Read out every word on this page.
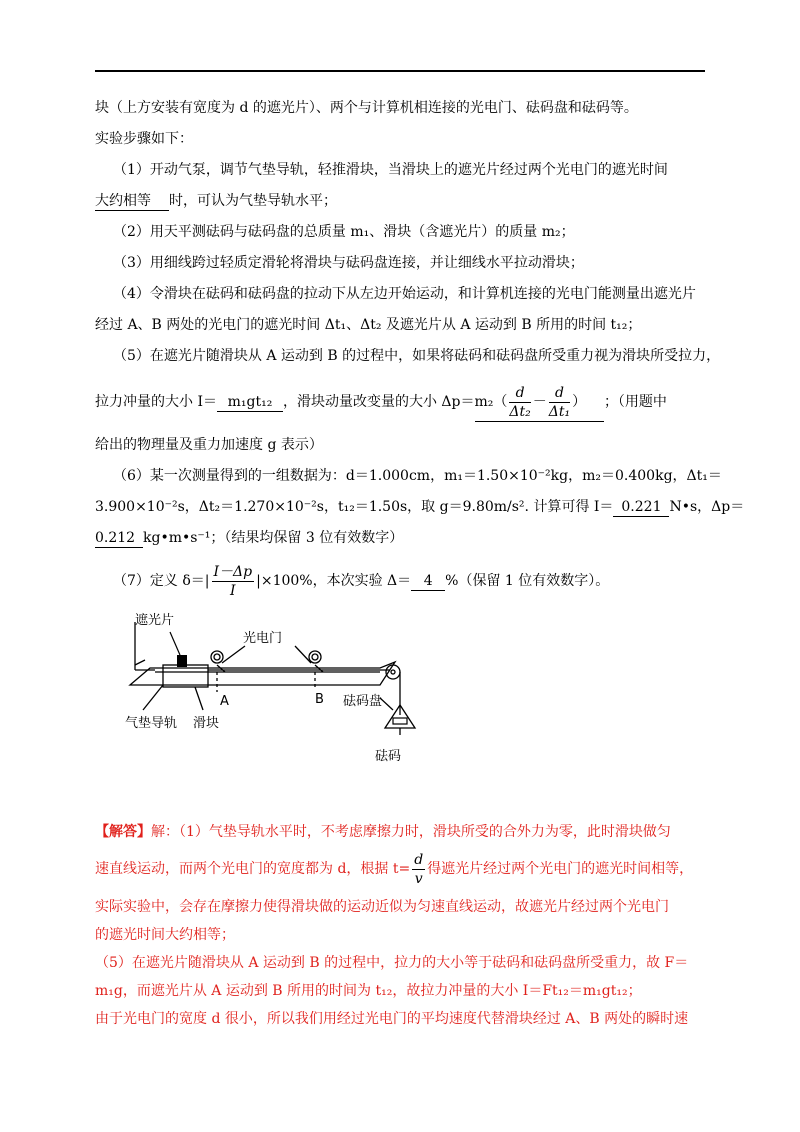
块（上方安装有宽度为 d 的遮光片）、两个与计算机相连接的光电门、砝码盘和砝码等。
实验步骤如下：
（1）开动气泵，调节气垫导轨，轻推滑块，当滑块上的遮光片经过两个光电门的遮光时间
大约相等 时，可认为气垫导轨水平；
（2）用天平测砝码与砝码盘的总质量 m₁、滑块（含遮光片）的质量 m₂；
（3）用细线跨过轻质定滑轮将滑块与砝码盘连接，并让细线水平拉动滑块；
（4）令滑块在砝码和砝码盘的拉动下从左边开始运动，和计算机连接的光电门能测量出遮光片
经过 A、B 两处的光电门的遮光时间 Δt₁、Δt₂ 及遮光片从 A 运动到 B 所用的时间 t₁₂；
（5）在遮光片随滑块从 A 运动到 B 的过程中，如果将砝码和砝码盘所受重力视为滑块所受拉力，
拉力冲量的大小 I＝ m₁gt₁₂ ，滑块动量改变量的大小 $\Delta p=m_2( \frac{d}{\text{Δt₂}} - \frac{d}{\text{Δt₁}}$ ） ；（用题中
给出的物理量及重力加速度 g 表示）
（6）某一次测量得到的一组数据为：d＝1.000cm，m₁＝1.50×10⁻²kg，m₂＝0.400kg，Δt₁＝
3.900×10⁻²s，Δt₂＝1.270×10⁻²s，t₁₂＝1.50s，取 g＝9.80m/s². 计算可得 I＝ 0.221 N•s，Δp＝
0.212 kg•m•s⁻¹；（结果均保留 3 位有效数字）
（7）定义 $\delta=| \frac{I-\Delta p}{I} |\times 100\%$，本次实验 Δ＝ 4 %（保留 1 位有效数字）。
遮光片
光电门
A	B 砝码盘
气垫导轨 滑块
砝码
【解答】解：（1）气垫导轨水平时，不考虑摩擦力时，滑块所受的合外力为零，此时滑块做匀
速直线运动，而两个光电门的宽度都为 d，根据 $t= \frac{d}{v}$ 得遮光片经过两个光电门的遮光时间相等，
实际实验中，会存在摩擦力使得滑块做的运动近似为匀速直线运动，故遮光片经过两个光电门
的遮光时间大约相等；
（5）在遮光片随滑块从 A 运动到 B 的过程中，拉力的大小等于砝码和砝码盘所受重力，故 F＝
m₁g，而遮光片从 A 运动到 B 所用的时间为 t₁₂，故拉力冲量的大小 I＝Ft₁₂＝m₁gt₁₂；
由于光电门的宽度 d 很小，所以我们用经过光电门的平均速度代替滑块经过 A、B 两处的瞬时速
